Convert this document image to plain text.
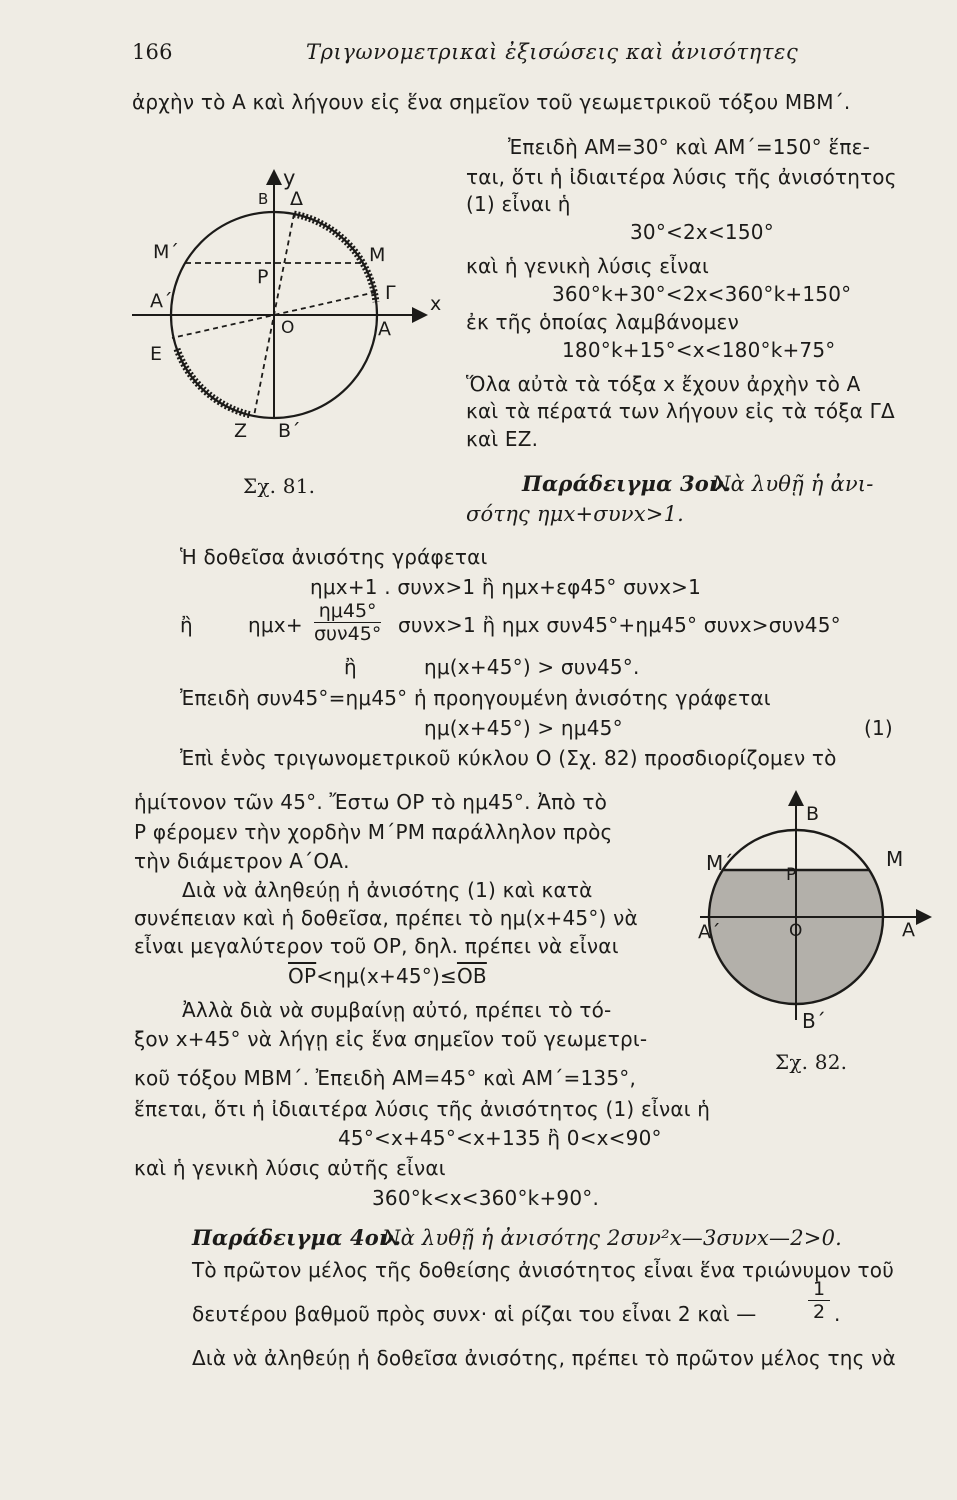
166	Τριγωνομετρικαὶ ἐξισώσεις καὶ ἀνισότητες
ἀρχὴν τὸ Α καὶ λήγουν εἰς ἕνα σημεῖον τοῦ γεωμετρικοῦ τόξου ΜΒΜ΄.
y
B Δ
Μ΄	Μ
Ρ
Γ
Α΄	x
Ο	Α
Ε
Ζ Β΄
Σχ. 81.
Ἐπειδὴ ΑΜ=30° καὶ ΑΜ΄=150° ἕπε-
ται, ὅτι ἡ ἰδιαιτέρα λύσις τῆς ἀνισότητος
(1) εἶναι ἡ
30°<2x<150°
καὶ ἡ γενικὴ λύσις εἶναι
360°k+30°<2x<360°k+150°
ἐκ τῆς ὁποίας λαμβάνομεν
180°k+15°<x<180°k+75°
Ὅλα αὐτὰ τὰ τόξα x ἔχουν ἀρχὴν τὸ Α
καὶ τὰ πέρατά των λήγουν εἰς τὰ τόξα ΓΔ
καὶ ΕΖ.
Παράδειγμα 3ον.
Νὰ λυθῇ ἡ ἀνι-
σότης ημx+συνx>1.
Ἡ δοθεῖσα ἀνισότης γράφεται
ημx+1 . συνx>1 ἢ ημx+εφ45° συνx>1
ἢ	ημx+
ημ45°
συν45° συνx>1 ἢ ημx συν45°+ημ45° συνx>συν45°
ἢ	ημ(x+45°) > συν45°.
Ἐπειδὴ συν45°=ημ45° ἡ προηγουμένη ἀνισότης γράφεται
ημ(x+45°) > ημ45°	(1)
Ἐπὶ ἑνὸς τριγωνομετρικοῦ κύκλου Ο (Σχ. 82) προσδιορίζομεν τὸ
ἡμίτονον τῶν 45°. Ἔστω ΟΡ τὸ ημ45°. Ἀπὸ τὸ
Ρ φέρομεν τὴν χορδὴν Μ΄ΡΜ παράλληλον πρὸς
τὴν διάμετρον Α΄ΟΑ.
Διὰ νὰ ἀληθεύῃ ἡ ἀνισότης (1) καὶ κατὰ
συνέπειαν καὶ ἡ δοθεῖσα, πρέπει τὸ ημ(x+45°) νὰ
εἶναι μεγαλύτερον τοῦ ΟΡ, δηλ. πρέπει νὰ εἶναι
$\overline{OP}<\eta\mu(x+45^\circ)\le\overline{OB}$
Ἀλλὰ διὰ νὰ συμβαίνῃ αὐτό, πρέπει τὸ τό-
ξον x+45° νὰ λήγῃ εἰς ἕνα σημεῖον τοῦ γεωμετρι-
Β
Μ΄	Μ
Ρ
Α΄	Ο	Α
Β΄
Σχ. 82.
κοῦ τόξου ΜΒΜ΄. Ἐπειδὴ ΑΜ=45° καὶ ΑΜ΄=135°,
ἕπεται, ὅτι ἡ ἰδιαιτέρα λύσις τῆς ἀνισότητος (1) εἶναι ἡ
45°<x+45°<x+135 ἢ 0<x<90°
καὶ ἡ γενικὴ λύσις αὐτῆς εἶναι
360°k<x<360°k+90°.
Παράδειγμα 4ον.
Νὰ λυθῇ ἡ ἀνισότης 2συν²x—3συνx—2>0.
Τὸ πρῶτον μέλος τῆς δοθείσης ἀνισότητος εἶναι ἕνα τριώνυμον τοῦ
δευτέρου βαθμοῦ πρὸς συνx· αἱ ρίζαι του εἶναι 2 καὶ —	$\frac{1}{2}$ .
Διὰ νὰ ἀληθεύῃ ἡ δοθεῖσα ἀνισότης, πρέπει τὸ πρῶτον μέλος της νὰ
